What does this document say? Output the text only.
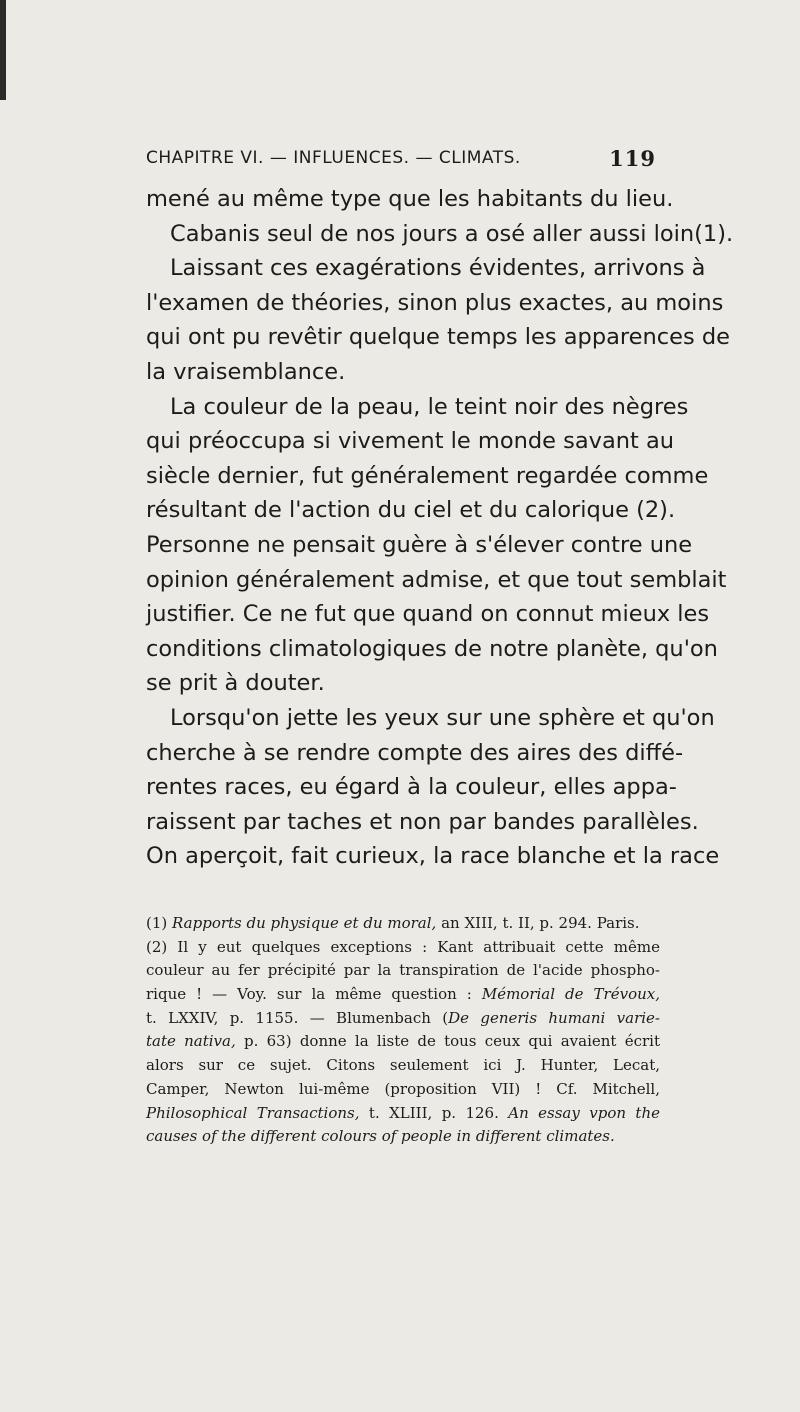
CHAPITRE VI. — INFLUENCES. — CLIMATS.	119
mené au même type que les habitants du lieu.
Cabanis seul de nos jours a osé aller aussi loin(1).
Laissant ces exagérations évidentes, arrivons à
l'examen de théories, sinon plus exactes, au moins
qui ont pu revêtir quelque temps les apparences de
la vraisemblance.
La couleur de la peau, le teint noir des nègres
qui préoccupa si vivement le monde savant au
siècle dernier, fut généralement regardée comme
résultant de l'action du ciel et du calorique (2).
Personne ne pensait guère à s'élever contre une
opinion généralement admise, et que tout semblait
justifier. Ce ne fut que quand on connut mieux les
conditions climatologiques de notre planète, qu'on
se prit à douter.
Lorsqu'on jette les yeux sur une sphère et qu'on
cherche à se rendre compte des aires des diffé-
rentes races, eu égard à la couleur, elles appa-
raissent par taches et non par bandes parallèles.
On aperçoit, fait curieux, la race blanche et la race
(1) Rapports du physique et du moral, an XIII, t. II, p. 294. Paris.
(2) Il y eut quelques exceptions : Kant attribuait cette même
couleur au fer précipité par la transpiration de l'acide phospho-
rique ! — Voy. sur la même question : Mémorial de Trévoux,
t. LXXIV, p. 1155. — Blumenbach (De generis humani varie-
tate nativa, p. 63) donne la liste de tous ceux qui avaient écrit
alors sur ce sujet. Citons seulement ici J. Hunter, Lecat,
Camper, Newton lui-même (proposition VII) ! Cf. Mitchell,
Philosophical Transactions, t. XLIII, p. 126. An essay vpon the
causes of the different colours of people in different climates.
